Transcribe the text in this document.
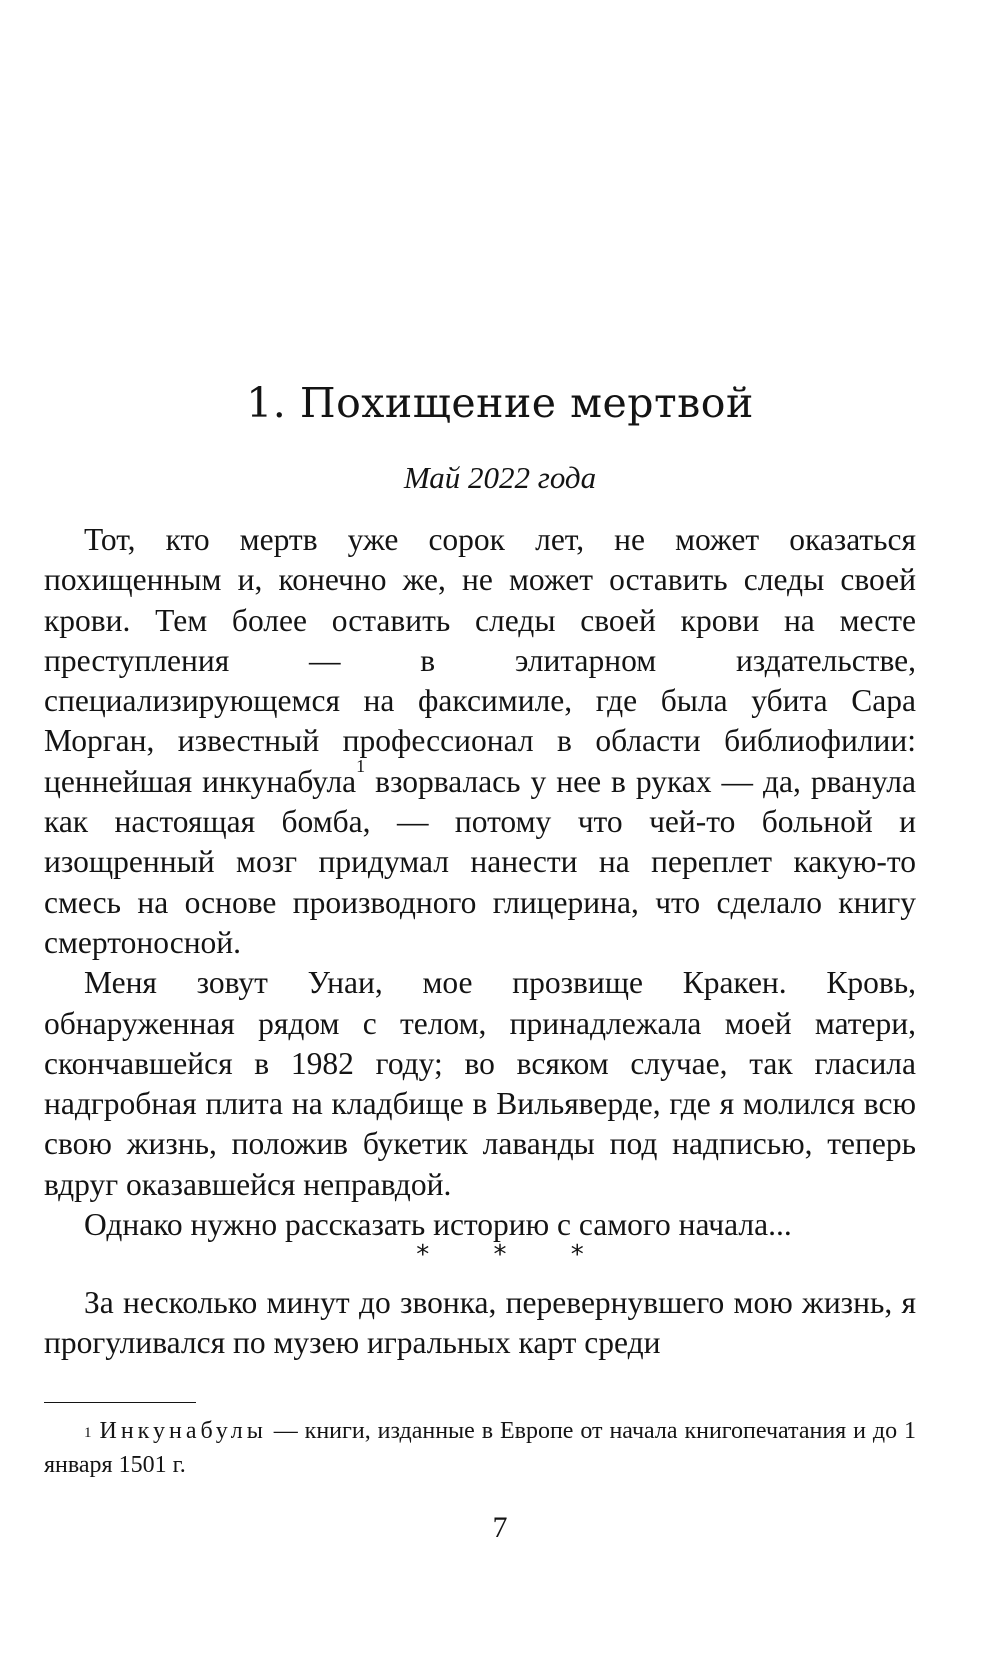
1. Похищение мертвой
Май 2022 года

Тот, кто мертв уже сорок лет, не может оказаться похищенным и, конечно же, не может оставить следы своей крови. Тем более оставить следы своей крови на месте преступления — в элитарном издательстве, специализирующемся на факсимиле, где была убита Сара Морган, известный профессионал в области библиофилии: ценнейшая инкунабула$^1$ взорвалась у нее в руках — да, рванула как настоящая бомба, — потому что чей-то больной и изощренный мозг придумал нанести на переплет какую-то смесь на основе производного глицерина, что сделало книгу смертоносной.

Меня зовут Унаи, мое прозвище Кракен. Кровь, обнаруженная рядом с телом, принадлежала моей матери, скончавшейся в 1982 году; во всяком случае, так гласила надгробная плита на кладбище в Вильяверде, где я молился всю свою жизнь, положив букетик лаванды под надписью, теперь вдруг оказавшейся неправдой.

Однако нужно рассказать историю с самого начала...

* * *

За несколько минут до звонка, перевернувшего мою жизнь, я прогуливался по музею игральных карт среди

$^1$ Инкунабулы — книги, изданные в Европе от начала книгопечатания и до 1 января 1501 г.

7
